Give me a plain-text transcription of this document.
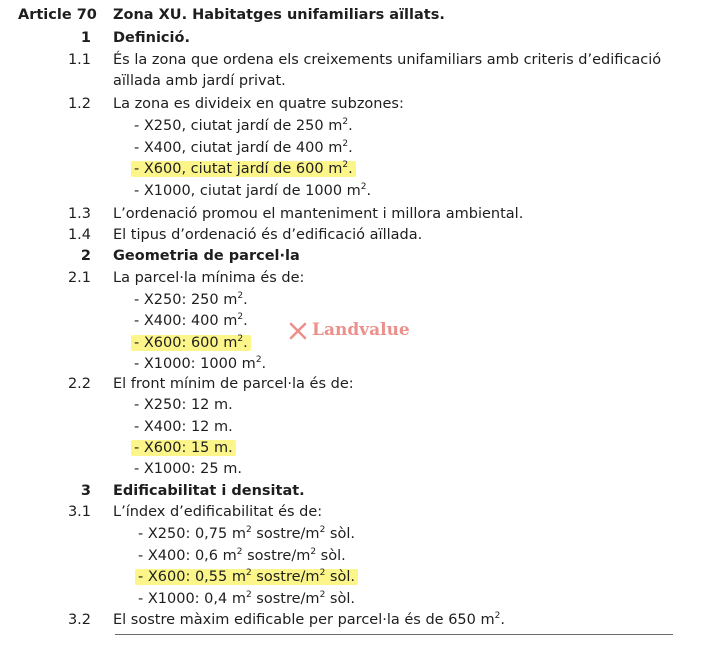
Article 70 Zona XU. Habitatges unifamiliars aïllats.
1 Definició.
1.1 És la zona que ordena els creixements unifamiliars amb criteris d’edificació
aïllada amb jardí privat.
1.2 La zona es divideix en quatre subzones:
- X250, ciutat jardí de 250 $m^2$.
- X400, ciutat jardí de 400 $m^2$.
- X600, ciutat jardí de 600 $m^2$.
- X1000, ciutat jardí de 1000 $m^2$.
1.3 L’ordenació promou el manteniment i millora ambiental.
1.4 El tipus d’ordenació és d’edificació aïllada.
2 Geometria de parcel·la
2.1 La parcel·la mínima és de:
- X250: 250 $m^2$.
- X400: 400 $m^2$.
- X600: 600 $m^2$.
- X1000: 1000 $m^2$.
Landvalue
2.2 El front mínim de parcel·la és de:
- X250: 12 m.
- X400: 12 m.
- X600: 15 m.
- X1000: 25 m.
3 Edificabilitat i densitat.
3.1 L’índex d’edificabilitat és de:
- X250: 0,75 $m^2$ sostre/$m^2$ sòl.
- X400: 0,6 $m^2$ sostre/$m^2$ sòl.
- X600: 0,55 $m^2$ sostre/$m^2$ sòl.
- X1000: 0,4 $m^2$ sostre/$m^2$ sòl.
3.2 El sostre màxim edificable per parcel·la és de 650 $m^2$.
